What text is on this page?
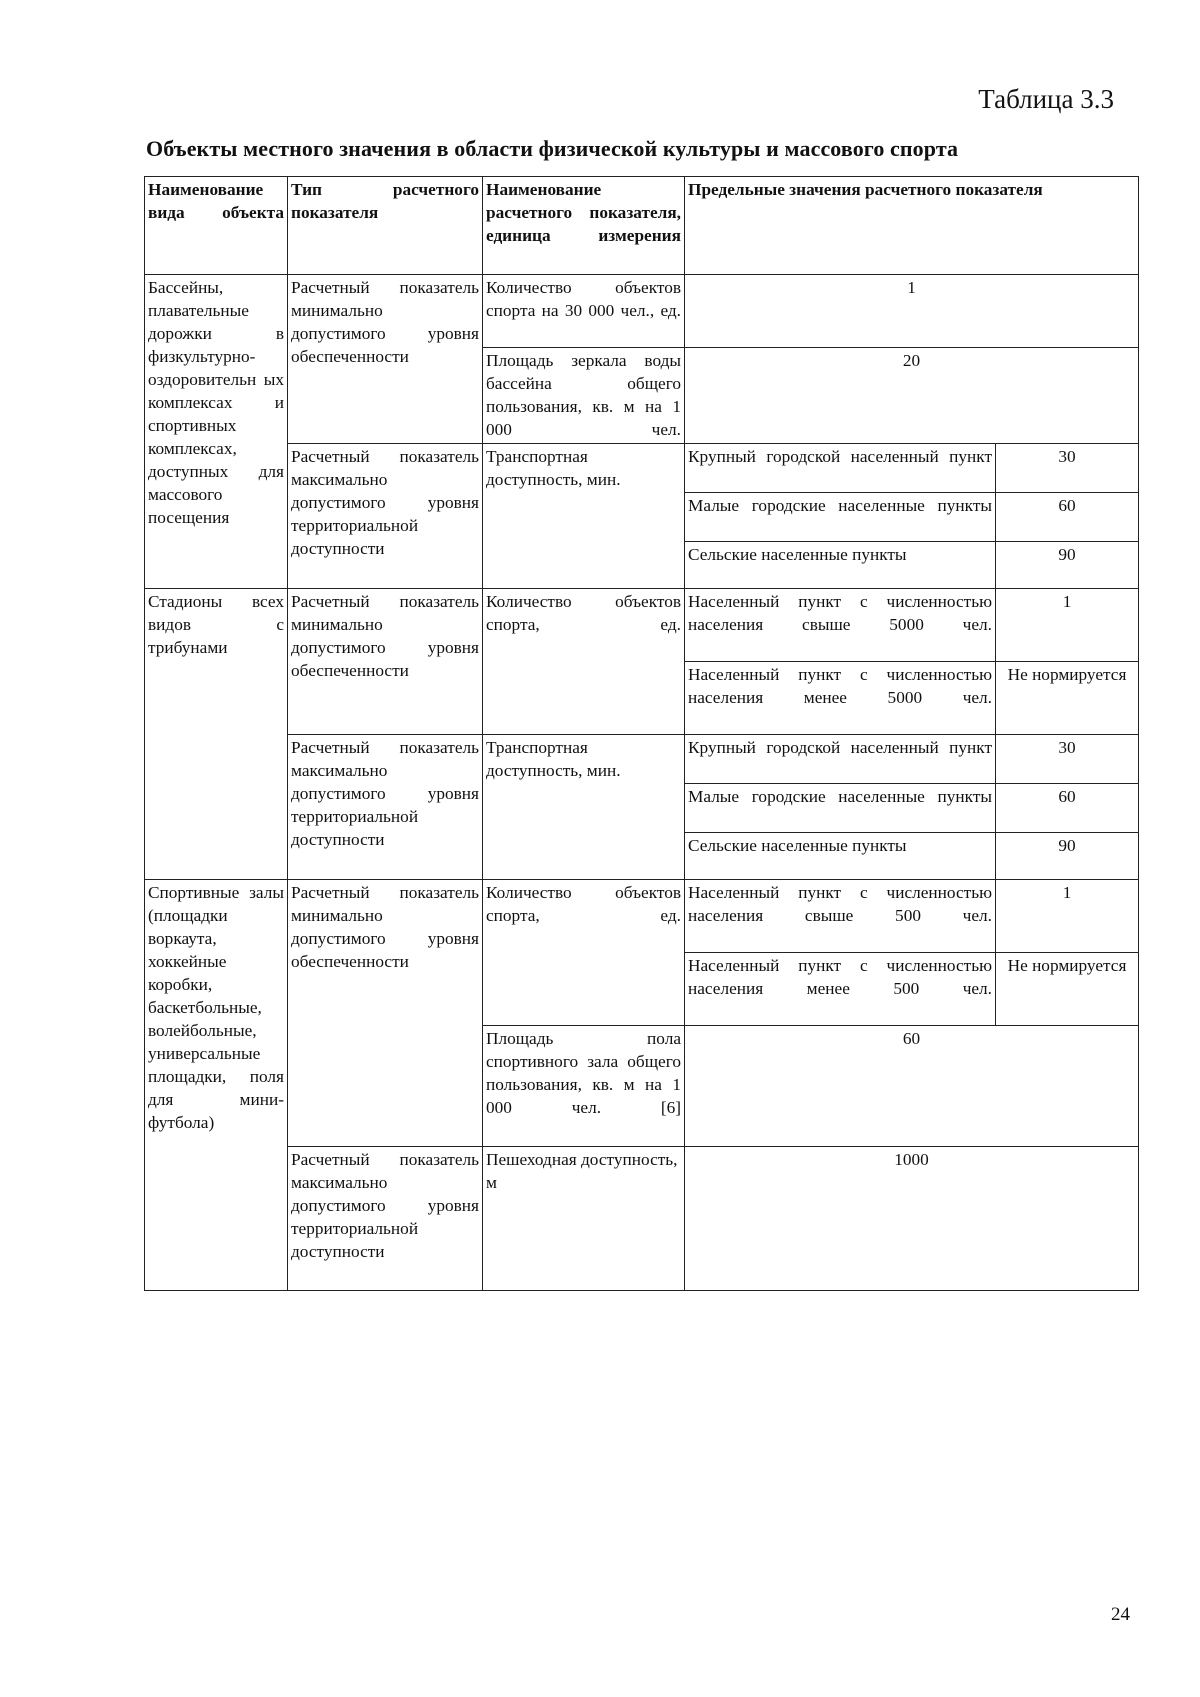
Таблица 3.3
Объекты местного значения в области физической культуры и массового спорта
Наименование вида объекта	Тип расчетного показателя	Наименование расчетного показателя, единица измерения	Предельные значения расчетного показателя	
Бассейны, плавательные дорожки в физкультурно-оздоровительн ых комплексах и спортивных комплексах, доступных для массового посещения	Расчетный показатель минимально допустимого уровня обеспеченности	Количество объектов спорта на 30 000 чел., ед.	1	
		Площадь зеркала воды бассейна общего пользования, кв. м на 1 000 чел.	20	
	Расчетный показатель максимально допустимого уровня территориальной доступности	Транспортная доступность, мин.	Крупный городской населенный пункт	30
			Малые городские населенные пункты	60
			Сельские населенные пункты	90
Стадионы всех видов с трибунами	Расчетный показатель минимально допустимого уровня обеспеченности	Количество объектов спорта, ед.	Населенный пункт с численностью населения свыше 5000 чел.	1
			Населенный пункт с численностью населения менее 5000 чел.	Не нормируется
	Расчетный показатель максимально допустимого уровня территориальной доступности	Транспортная доступность, мин.	Крупный городской населенный пункт	30
			Малые городские населенные пункты	60
			Сельские населенные пункты	90
Спортивные залы (площадки воркаута, хоккейные коробки, баскетбольные, волейбольные, универсальные площадки, поля для мини-футбола)	Расчетный показатель минимально допустимого уровня обеспеченности	Количество объектов спорта, ед.	Населенный пункт с численностью населения свыше 500 чел.	1
			Населенный пункт с численностью населения менее 500 чел.	Не нормируется
		Площадь пола спортивного зала общего пользования, кв. м на 1 000 чел. [6]	60	
	Расчетный показатель максимально допустимого уровня территориальной доступности	Пешеходная доступность, м	1000	
24
